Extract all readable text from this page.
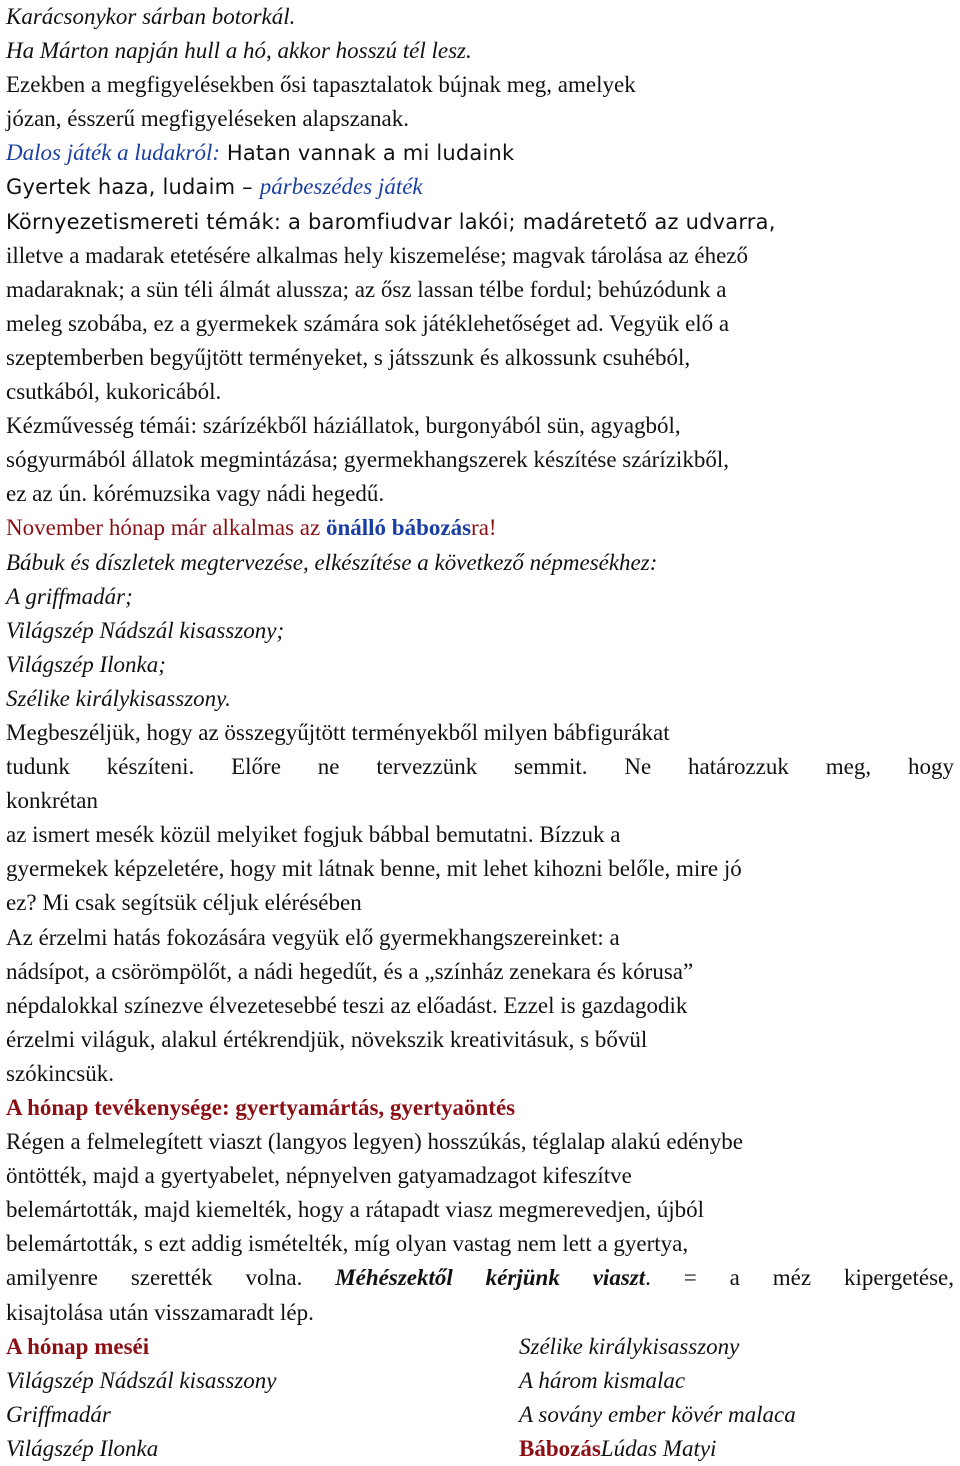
Karácsonykor sárban botorkál.
Ha Márton napján hull a hó, akkor hosszú tél lesz.
Ezekben a megfigyelésekben ősi tapasztalatok bújnak meg, amelyek
józan, ésszerű megfigyeléseken alapszanak.
Dalos játék a ludakról: Hatan vannak a mi ludaink
Gyertek haza, ludaim – párbeszédes játék
Környezetismereti témák: a baromfiudvar lakói; madáretető az udvarra,
illetve a madarak etetésére alkalmas hely kiszemelése; magvak tárolása az éhező
madaraknak; a sün téli álmát alussza; az ősz lassan télbe fordul; behúzódunk a
meleg szobába, ez a gyermekek számára sok játéklehetőséget ad. Vegyük elő a
szeptemberben begyűjtött terményeket, s játsszunk és alkossunk csuhéból,
csutkából, kukoricából.
Kézművesség témái: szárízékből háziállatok, burgonyából sün, agyagból,
sógyurmából állatok megmintázása; gyermekhangszerek készítése szárízikből,
ez az ún. kórémuzsika vagy nádi hegedű.
November hónap már alkalmas az önálló bábozásra!
Bábuk és díszletek megtervezése, elkészítése a következő népmesékhez:
A griffmadár;
Világszép Nádszál kisasszony;
Világszép Ilonka;
Szélike királykisasszony.
Megbeszéljük, hogy az összegyűjtött terményekből milyen bábfigurákat
tudunk készíteni. Előre ne tervezzünk semmit. Ne határozzuk meg, hogy
konkrétan
az ismert mesék közül melyiket fogjuk bábbal bemutatni. Bízzuk a
gyermekek képzeletére, hogy mit látnak benne, mit lehet kihozni belőle, mire jó
ez? Mi csak segítsük céljuk elérésében
Az érzelmi hatás fokozására vegyük elő gyermekhangszereinket: a
nádsípot, a csörömpölőt, a nádi hegedűt, és a „színház zenekara és kórusa”
népdalokkal színezve élvezetesebbé teszi az előadást. Ezzel is gazdagodik
érzelmi világuk, alakul értékrendjük, növekszik kreativitásuk, s bővül
szókincsük.
A hónap tevékenysége: gyertyamártás, gyertyaöntés
Régen a felmelegített viaszt (langyos legyen) hosszúkás, téglalap alakú edénybe
öntötték, majd a gyertyabelet, népnyelven gatyamadzagot kifeszítve
belemártották, majd kiemelték, hogy a rátapadt viasz megmerevedjen, újból
belemártották, s ezt addig ismételték, míg olyan vastag nem lett a gyertya,
amilyenre szerették volna. Méhészektől kérjünk viaszt. = a méz kipergetése,
kisajtolása után visszamaradt lép.
A hónap meséi	Szélike királykisasszony
Világszép Nádszál kisasszony	A három kismalac
Griffmadár	A sovány ember kövér malaca
Világszép Ilonka	BábozásLúdas Matyi
